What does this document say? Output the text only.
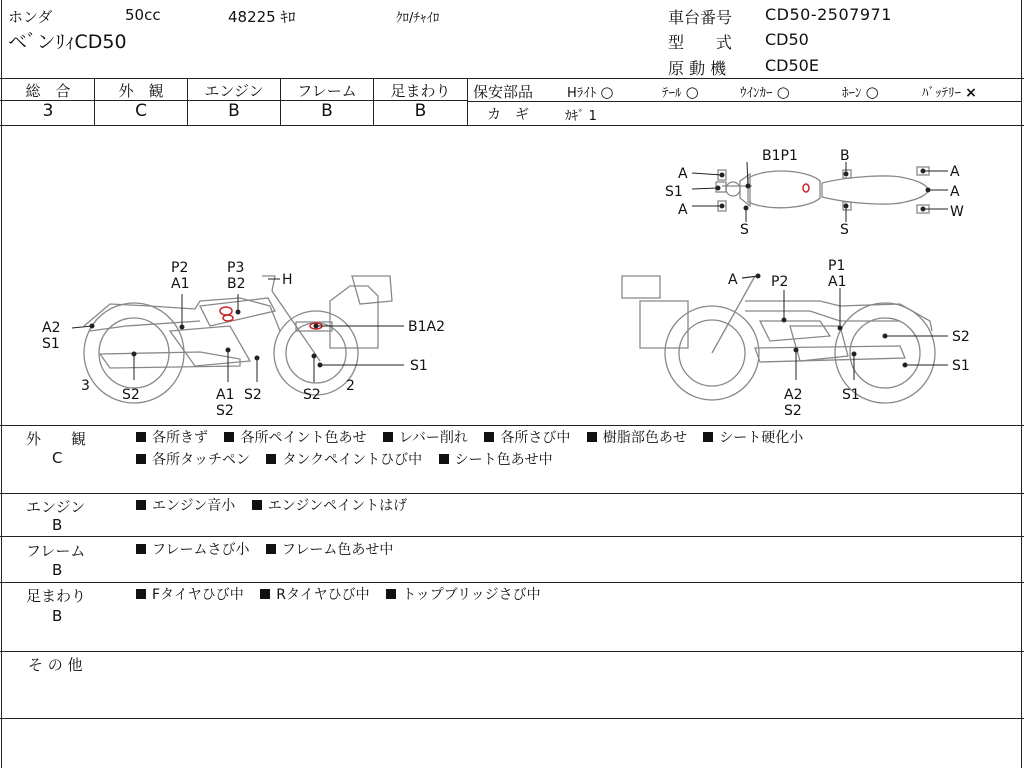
ホンダ	50cc	48225 ｷﾛ	ｸﾛ/ﾁｬｲﾛ
ベﾞンﾘｨCD50
車台番号 CD50-2507971
型　　式 CD50
原 動 機 CD50E
総　合	外　観	エンジン	フレーム	足まわり
3	C	B	B	B
保安部品	Hﾗｲﾄ ○	ﾃｰﾙ ○	ｳｲﾝｶｰ ○	ﾎｰﾝ ○	ﾊﾞｯﾃﾘｰ ×
カ　ギ	ｶｷﾞ 1
B1P1	B
A
S1
A
A
A
W
S	S
P2
A1
P3
B2	H
A2
S1
B1A2
S1
3
S2	A1
S2
S2	S2
2
A P2
P1
A1
S2
S1
A2
S2
S1
外　　観
C
各所きず 各所ペイント色あせ レバー削れ 各所さび中 樹脂部色あせ シート硬化小
各所タッチペン タンクペイントひび中 シート色あせ中
エンジン
B
エンジン音小 エンジンペイントはげ
フレーム
B
フレームさび小 フレーム色あせ中
足まわり
B
Fタイヤひび中 Rタイヤひび中 トップブリッジさび中
そ の 他
